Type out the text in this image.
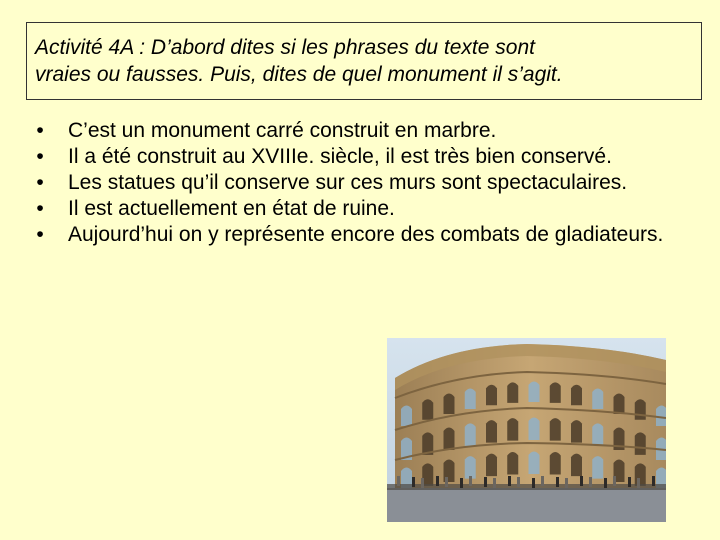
Activité 4A : D’abord dites si les phrases du texte sont
vraies ou fausses. Puis, dites de quel monument il s’agit.
•	C’est un monument carré construit en marbre.
•	Il a été construit au XVIIIe. siècle, il est très bien conservé.
•	Les statues qu’il conserve sur ces murs sont spectaculaires.
•	Il est actuellement en état de ruine.
•	Aujourd’hui on y représente encore des combats de gladiateurs.
